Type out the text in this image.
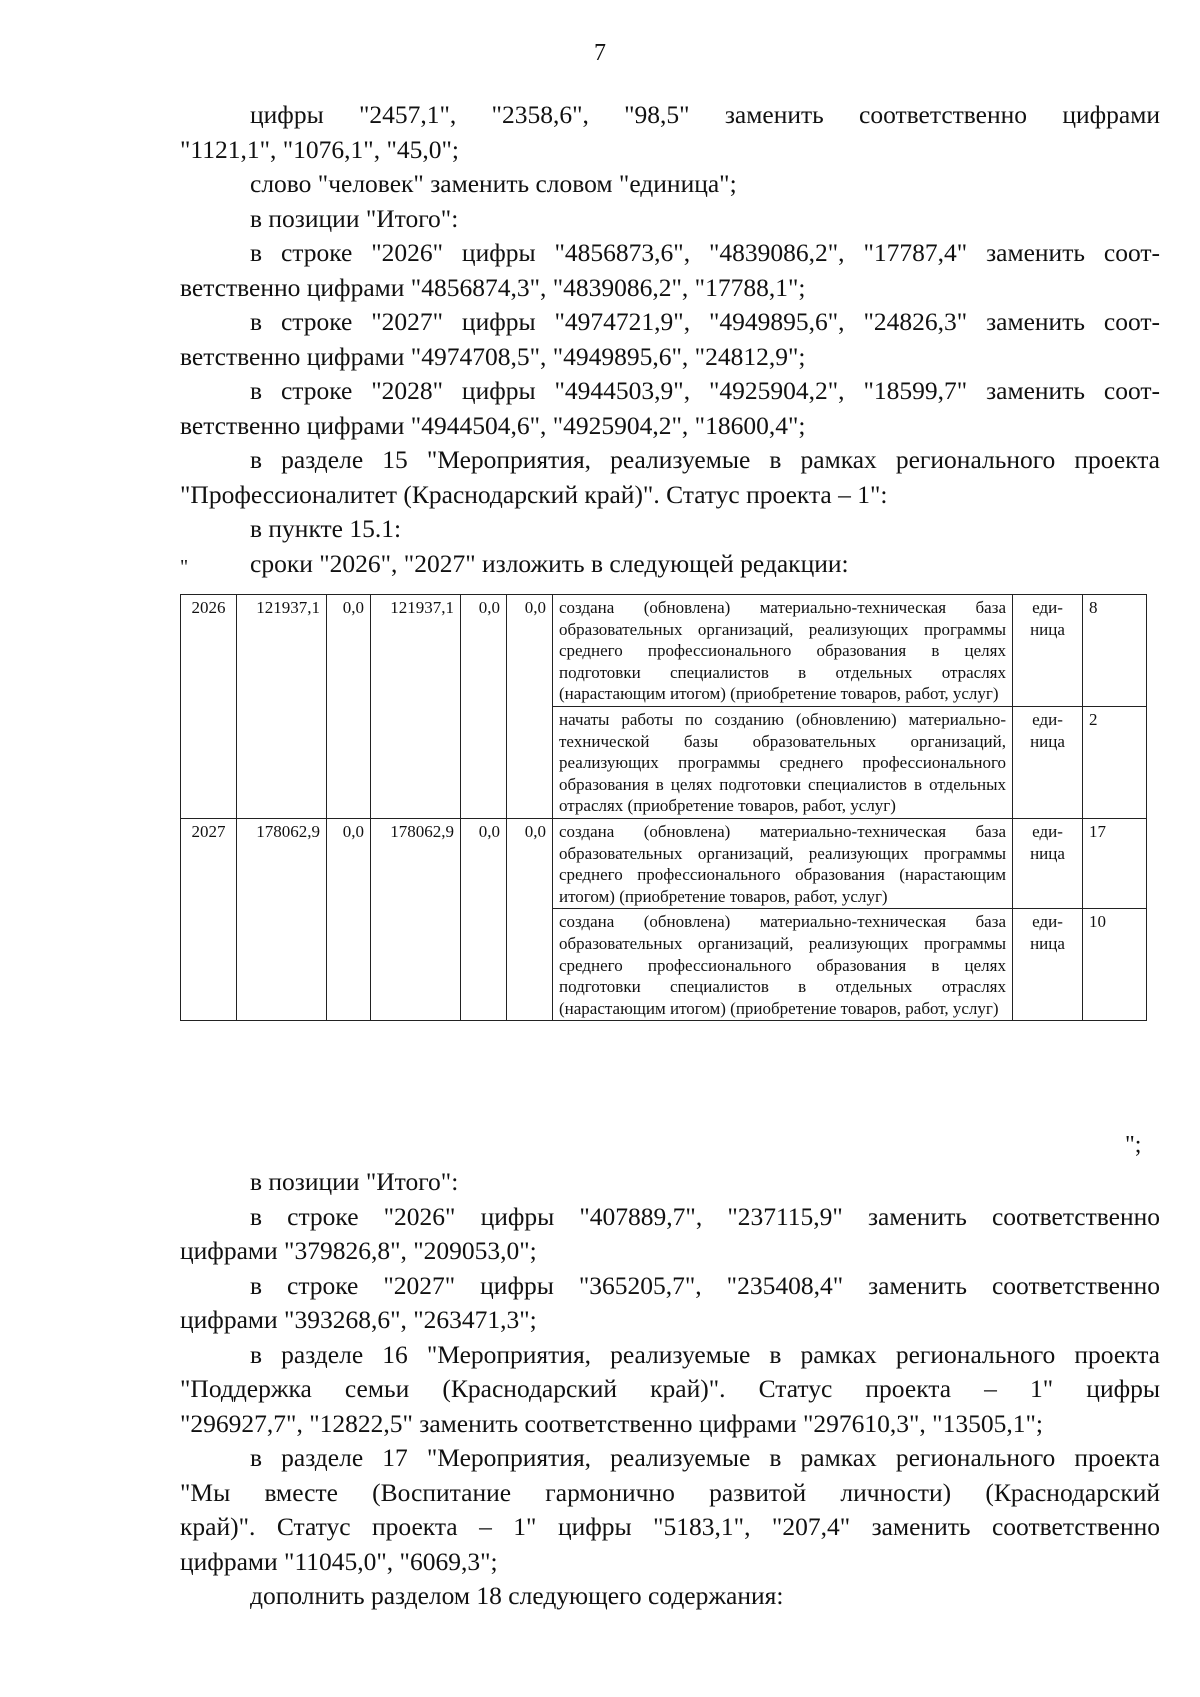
7

цифры "2457,1", "2358,6", "98,5" заменить соответственно цифрами

"1121,1", "1076,1", "45,0";

слово "человек" заменить словом "единица";

в позиции "Итого":

в строке "2026" цифры "4856873,6", "4839086,2", "17787,4" заменить соот-

ветственно цифрами "4856874,3", "4839086,2", "17788,1";

в строке "2027" цифры "4974721,9", "4949895,6", "24826,3" заменить соот-

ветственно цифрами "4974708,5", "4949895,6", "24812,9";

в строке "2028" цифры "4944503,9", "4925904,2", "18599,7" заменить соот-

ветственно цифрами "4944504,6", "4925904,2", "18600,4";

в разделе 15 "Мероприятия, реализуемые в рамках регионального проекта

"Профессионалитет (Краснодарский край)". Статус проекта – 1":

в пункте 15.1:

сроки "2026", "2027" изложить в следующей редакции:

"
2026	121937,1	0,0	121937,1	0,0	0,0	создана (обновлена) материально-техническая база образовательных организаций, реализующих программы среднего профессионального образования в целях подготовки специалистов в отдельных отраслях (нарастающим итогом) (приобретение товаров, работ, услуг)	еди-ница	8
						начаты работы по созданию (обновлению) материально-технической базы образовательных организаций, реализующих программы среднего профессионального образования в целях подготовки специалистов в отдельных отраслях (приобретение товаров, работ, услуг)	еди-ница	2
2027	178062,9	0,0	178062,9	0,0	0,0	создана (обновлена) материально-техническая база образовательных организаций, реализующих программы среднего профессионального образования (нарастающим итогом) (приобретение товаров, работ, услуг)	еди-ница	17
						создана (обновлена) материально-техническая база образовательных организаций, реализующих программы среднего профессионального образования в целях подготовки специалистов в отдельных отраслях (нарастающим итогом) (приобретение товаров, работ, услуг)	еди-ница	10
";

в позиции "Итого":

в строке "2026" цифры "407889,7", "237115,9" заменить соответственно

цифрами "379826,8", "209053,0";

в строке "2027" цифры "365205,7", "235408,4" заменить соответственно

цифрами "393268,6", "263471,3";

в разделе 16 "Мероприятия, реализуемые в рамках регионального проекта

"Поддержка семьи (Краснодарский край)". Статус проекта – 1" цифры

"296927,7", "12822,5" заменить соответственно цифрами "297610,3", "13505,1";

в разделе 17 "Мероприятия, реализуемые в рамках регионального проекта

"Мы вместе (Воспитание гармонично развитой личности) (Краснодарский

край)". Статус проекта – 1" цифры "5183,1", "207,4" заменить соответственно

цифрами "11045,0", "6069,3";

дополнить разделом 18 следующего содержания:
